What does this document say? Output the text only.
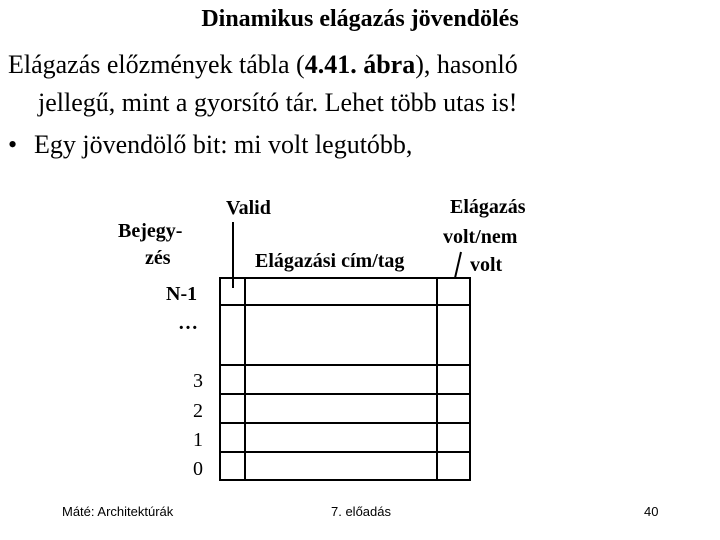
Dinamikus elágazás jövendölés
Elágazás előzmények tábla (4.41. ábra), hasonló
jellegű, mint a gyorsító tár. Lehet több utas is!
• Egy jövendölő bit: mi volt legutóbb,
Valid
Bejegy-
zés	Elágazási cím/tag
Elágazás
volt/nem
volt
N-1
…
3
2
1
0
Máté: Architektúrák	7. előadás	40
